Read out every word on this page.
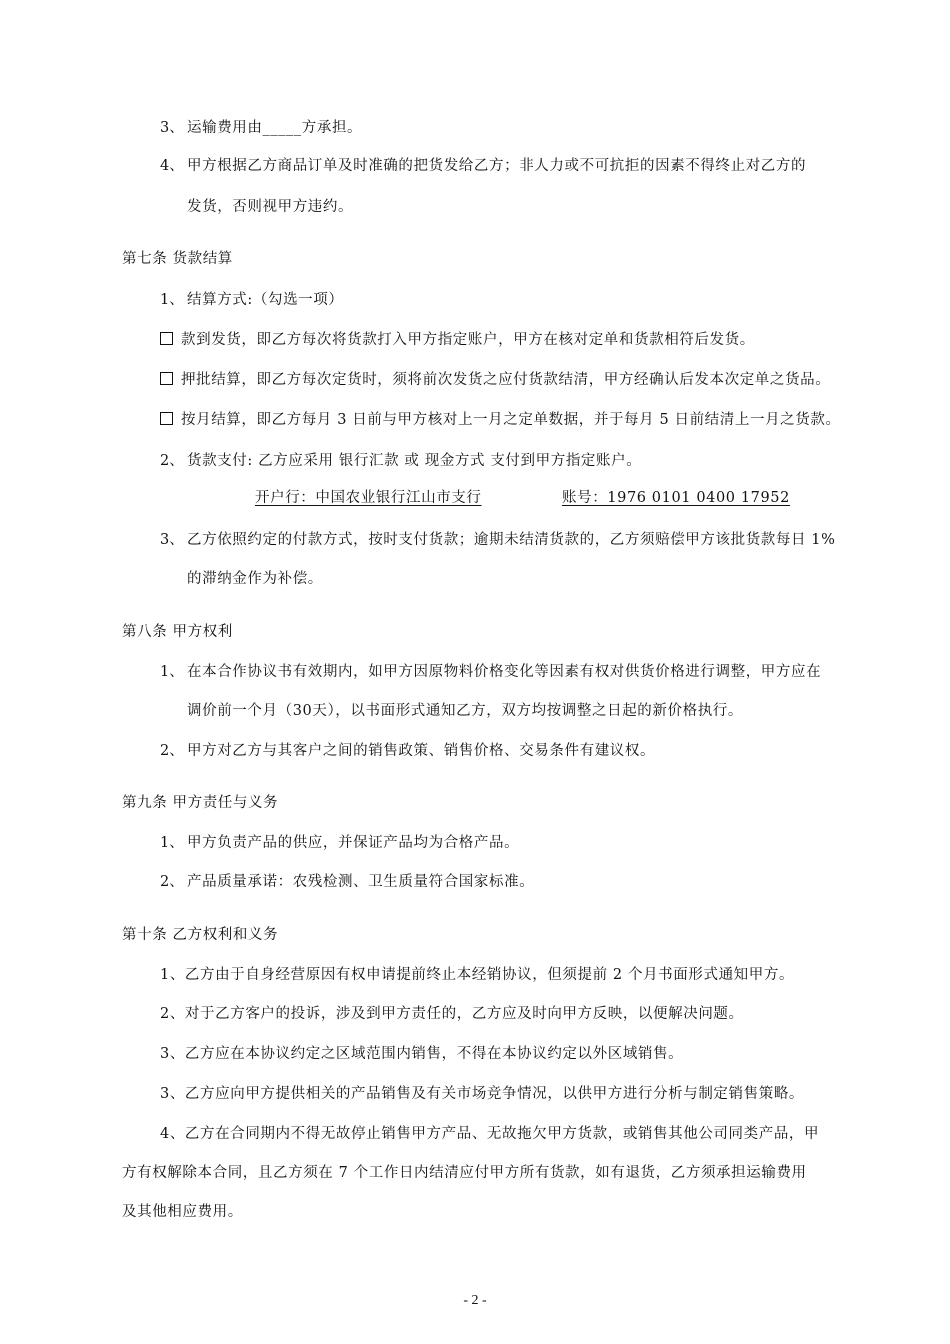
3、 运输费用由_____方承担。
4、 甲方根据乙方商品订单及时准确的把货发给乙方；非人力或不可抗拒的因素不得终止对乙方的
发货，否则视甲方违约。
第七条 货款结算
1、 结算方式:（勾选一项）
款到发货，即乙方每次将货款打入甲方指定账户，甲方在核对定单和货款相符后发货。
押批结算，即乙方每次定货时，须将前次发货之应付货款结清，甲方经确认后发本次定单之货品。
按月结算，即乙方每月 3 日前与甲方核对上一月之定单数据，并于每月 5 日前结清上一月之货款。
2、 货款支付: 乙方应采用 银行汇款 或 现金方式 支付到甲方指定账户。
开户行：中国农业银行江山市支行	账号：1976 0101 0400 17952
3、 乙方依照约定的付款方式，按时支付货款；逾期未结清货款的，乙方须赔偿甲方该批货款每日 1%
的滞纳金作为补偿。
第八条 甲方权利
1、 在本合作协议书有效期内，如甲方因原物料价格变化等因素有权对供货价格进行调整，甲方应在
调价前一个月（30天），以书面形式通知乙方，双方均按调整之日起的新价格执行。
2、 甲方对乙方与其客户之间的销售政策、销售价格、交易条件有建议权。
第九条 甲方责任与义务
1、 甲方负责产品的供应，并保证产品均为合格产品。
2、 产品质量承诺：农残检测、卫生质量符合国家标准。
第十条 乙方权利和义务
1、乙方由于自身经营原因有权申请提前终止本经销协议，但须提前 2 个月书面形式通知甲方。
2、对于乙方客户的投诉，涉及到甲方责任的，乙方应及时向甲方反映，以便解决问题。
3、乙方应在本协议约定之区域范围内销售，不得在本协议约定以外区域销售。
3、乙方应向甲方提供相关的产品销售及有关市场竞争情况，以供甲方进行分析与制定销售策略。
4、乙方在合同期内不得无故停止销售甲方产品、无故拖欠甲方货款，或销售其他公司同类产品，甲
方有权解除本合同，且乙方须在 7 个工作日内结清应付甲方所有货款，如有退货，乙方须承担运输费用
及其他相应费用。
- 2 -
